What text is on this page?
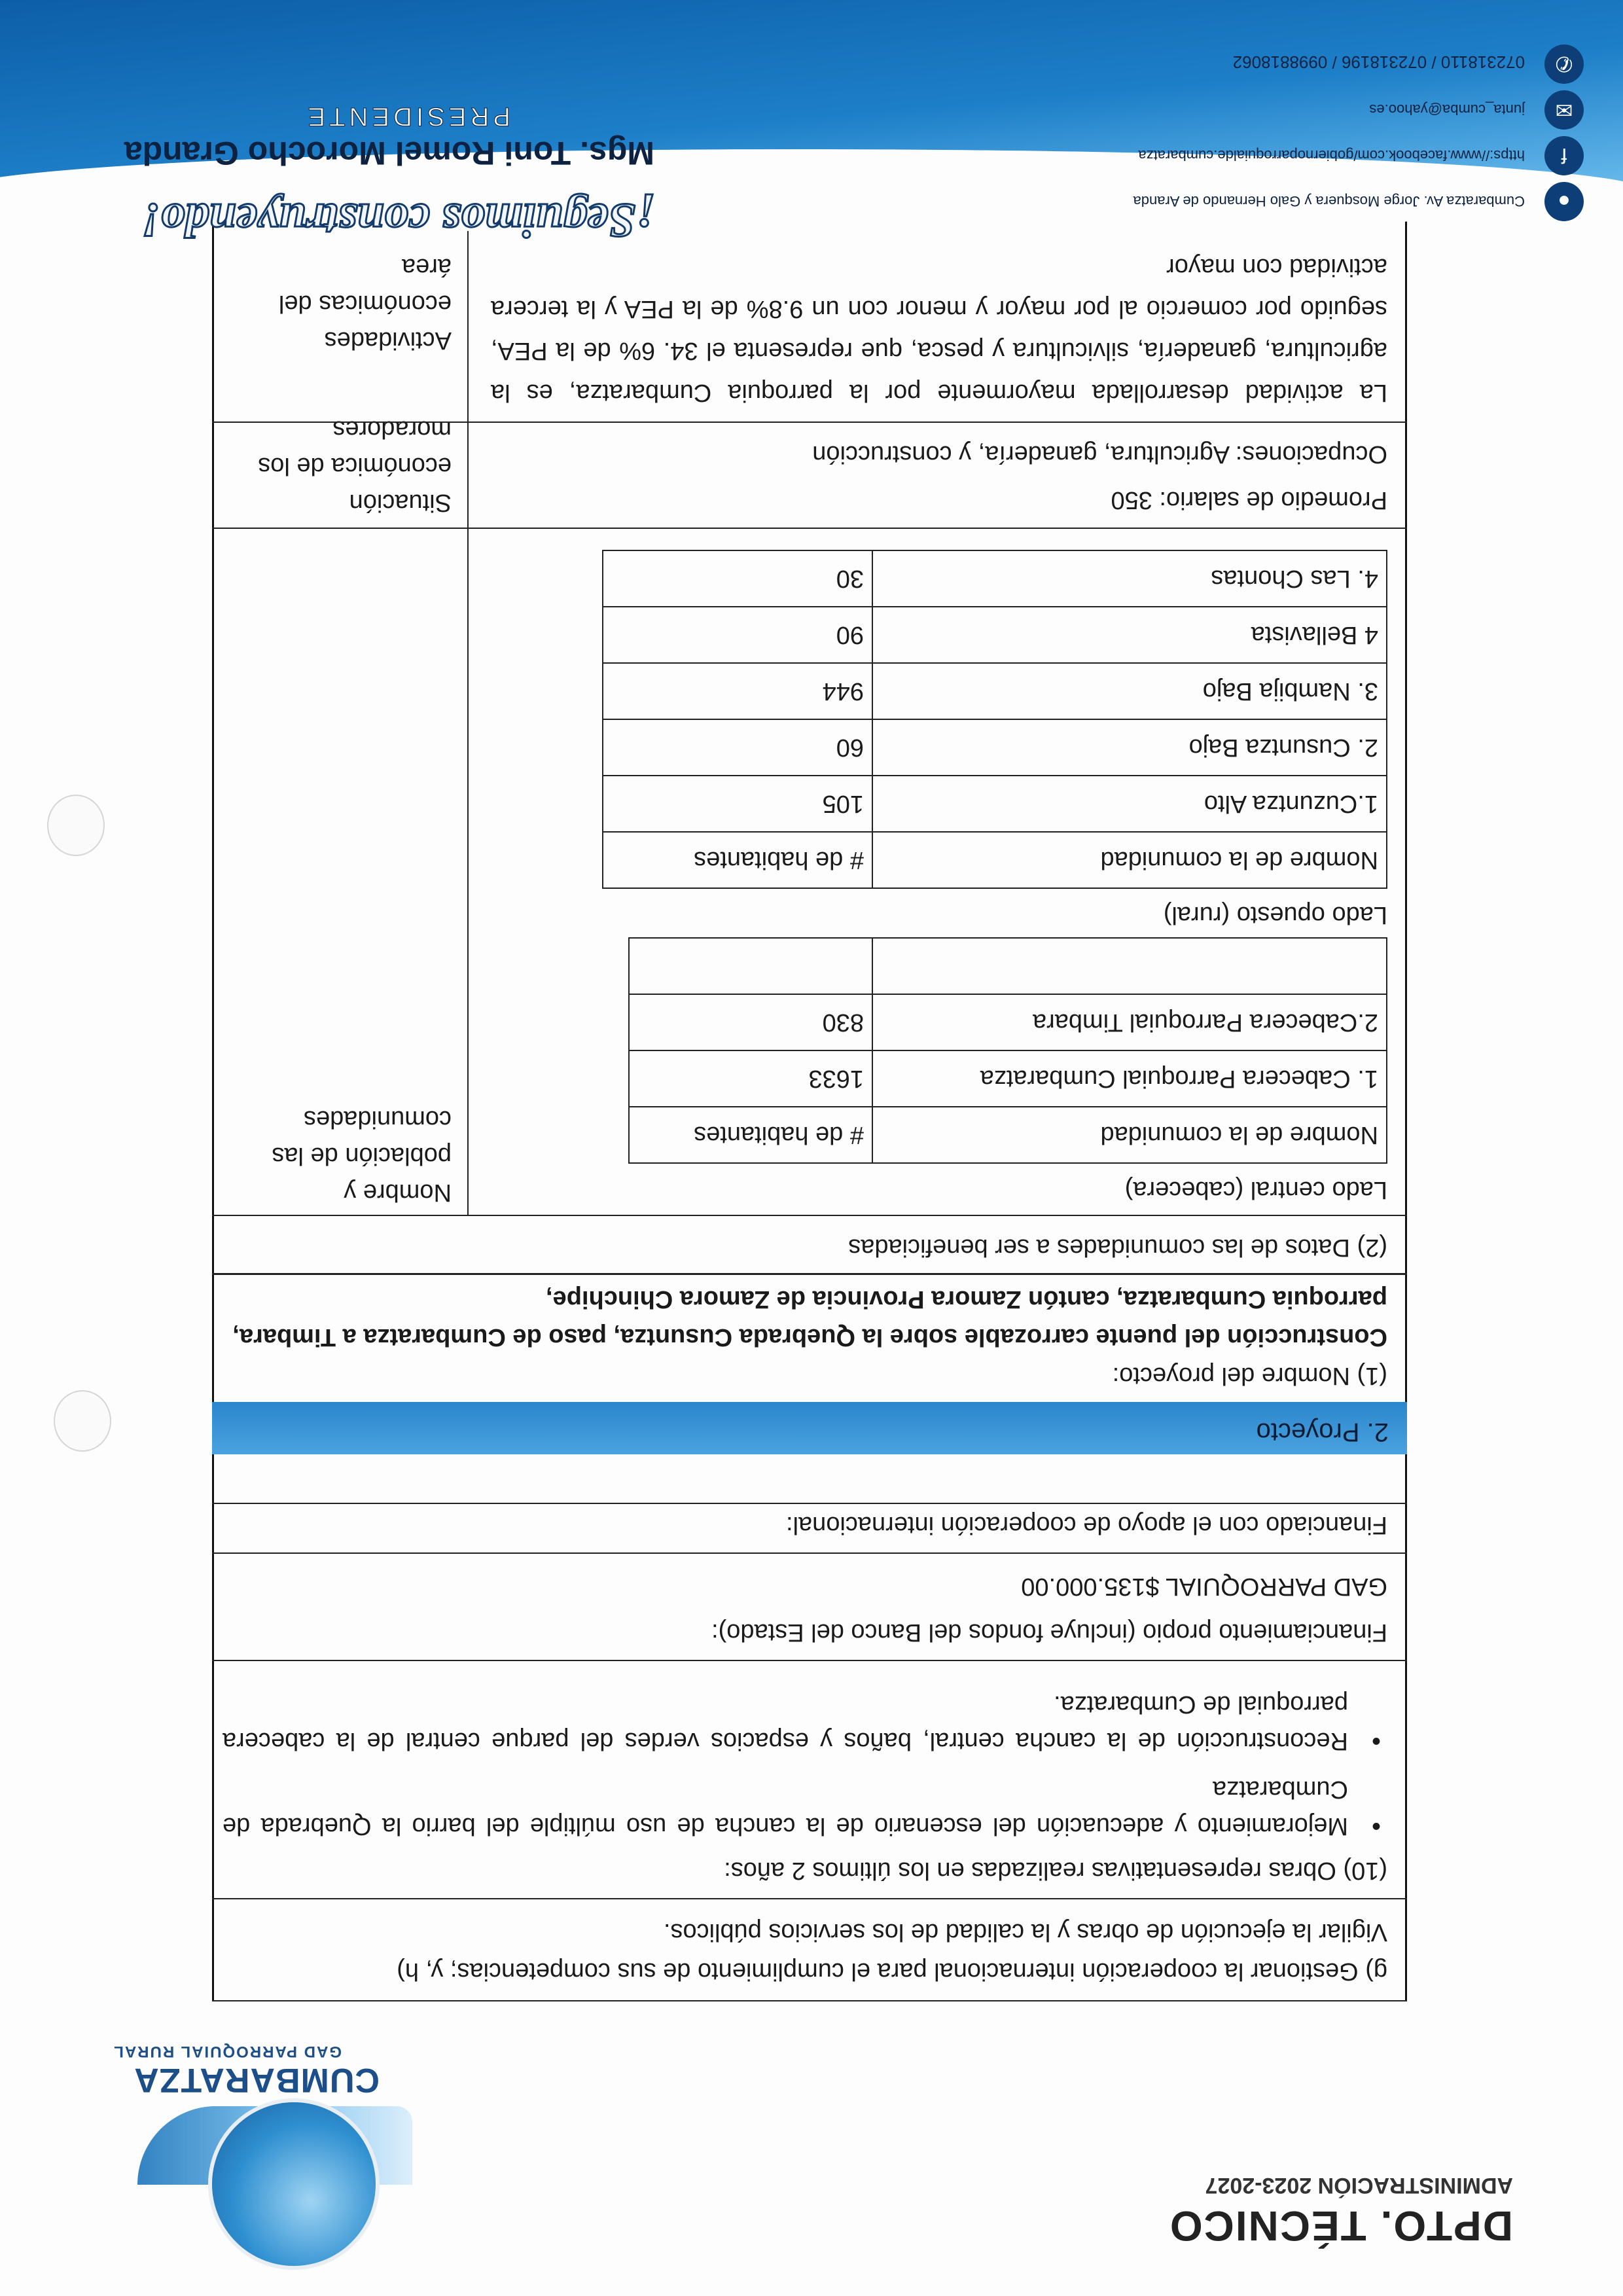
DPTO. TÉCNICO
ADMINISTRACIÓN 2023-2027
CUMBARATZA
GAD PARROQUIAL RURAL
g) Gestionar la cooperación internacional para el cumplimiento de sus competencias; y, h)
Vigilar la ejecución de obras y la calidad de los servicios públicos.
(10) Obras representativas realizadas en los últimos 2 años:
• Mejoramiento y adecuación del escenario de la cancha de uso múltiple del barrio la Quebrada de Cumbaratza
• Reconstrucción de la cancha central, baños y espacios verdes del parque central de la cabecera parroquial de Cumbaratza.
Financiamiento propio (incluye fondos del Banco del Estado):
GAD PARROQUIAL $135.000.00
Financiado con el apoyo de cooperación internacional:
2. Proyecto
(1) Nombre del proyecto:
Construcción del puente carrozable sobre la Quebrada Cusuntza, paso de Cumbaratza a Timbara, parroquia Cumbaratza, cantón Zamora Provincia de Zamora Chinchipe,
(2) Datos de las comunidades a ser beneficiadas
Nombre y población de las comunidades
Lado central (cabecera)
Nombre de la comunidad	# de habitantes
1. Cabecera Parroquial Cumbaratza	1633
2.Cabecera Parroquial Timbara	830

Lado opuesto (rural)
Nombre de la comunidad	# de habitantes
1.Cuzuntza Alto	105
2. Cusuntza Bajo	60
3. Nambija Bajo	944
4 Bellavista	90
4. Las Chontas	30
Situación económica de los moradores
Promedio de salario: 350
Ocupaciones: Agricultura, ganadería, y construcción
Actividades económicas del área
La actividad desarrollada mayormente por la parroquia Cumbaratza, es la agricultura, ganadería, silvicultura y pesca, que representa el 34. 6% de la PEA, seguido por comercio al por mayor y menor con un 9.8% de la PEA y la tercera actividad con mayor
¡Seguimos construyendo!
Mgs. Toni Romel Morocho Granda
PRESIDENTE
●
Cumbaratza Av. Jorge Mosquera y Galo Hernando de Aranda
f
https://www.facebook.com/gobiernoparroquialde.cumbaratza
✉
junta_cumba@yahoo.es
✆
072318110 / 072318196 / 0998818062
